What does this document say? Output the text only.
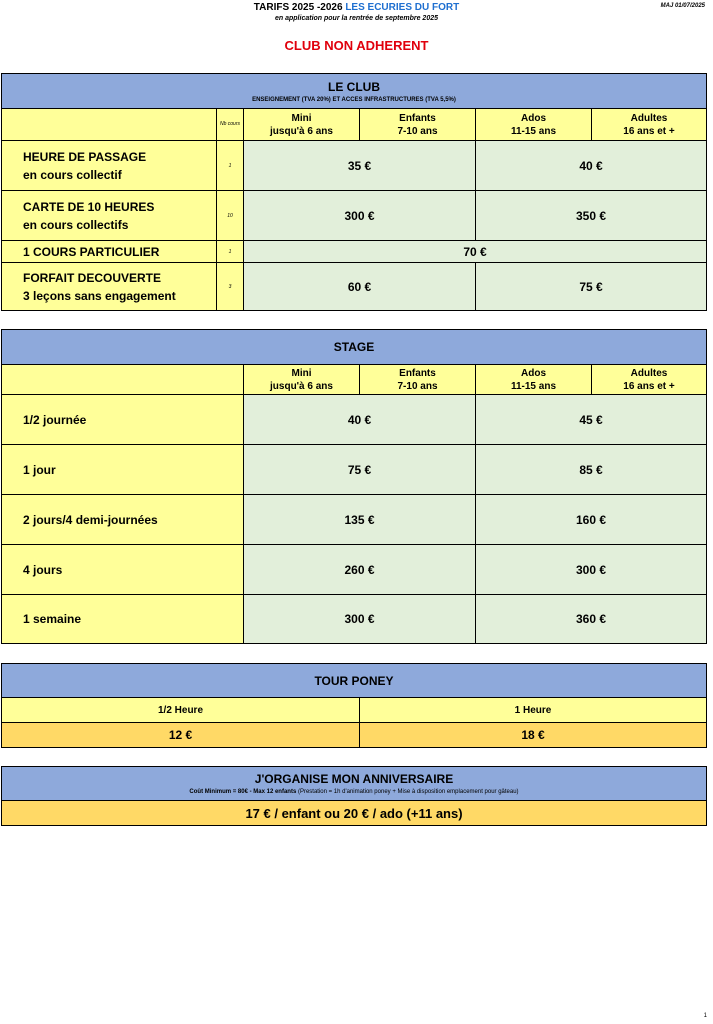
TARIFS 2025 -2026 LES ECURIES DU FORT
en application pour la rentrée de septembre 2025
MAJ 01/07/2025
CLUB NON ADHERENT
LE CLUB
ENSEIGNEMENT (TVA 20%) ET ACCES INFRASTRUCTURES (TVA 5,5%)
Nb cours
Mini
jusqu'à 6 ans
Enfants
7-10 ans
Ados
11-15 ans
Adultes
16 ans et +
HEURE DE PASSAGE
en cours collectif
1	35 €	40 €
CARTE DE 10 HEURES
en cours collectifs
10	300 €	350 €
1 COURS PARTICULIER	1	70 €
FORFAIT DECOUVERTE
3 leçons sans engagement
3	60 €	75 €
STAGE
Mini
jusqu'à 6 ans
Enfants
7-10 ans
Ados
11-15 ans
Adultes
16 ans et +
1/2 journée	40 €	45 €
1 jour	75 €	85 €
2 jours/4 demi-journées	135 €	160 €
4 jours	260 €	300 €
1 semaine	300 €	360 €
TOUR PONEY
1/2 Heure	1 Heure
12 €	18 €
J'ORGANISE MON ANNIVERSAIRE
Coût Minimum = 80€ - Max 12 enfants (Prestation = 1h d'animation poney + Mise à disposition emplacement pour gâteau)
17 € / enfant ou 20 € / ado (+11 ans)
1
